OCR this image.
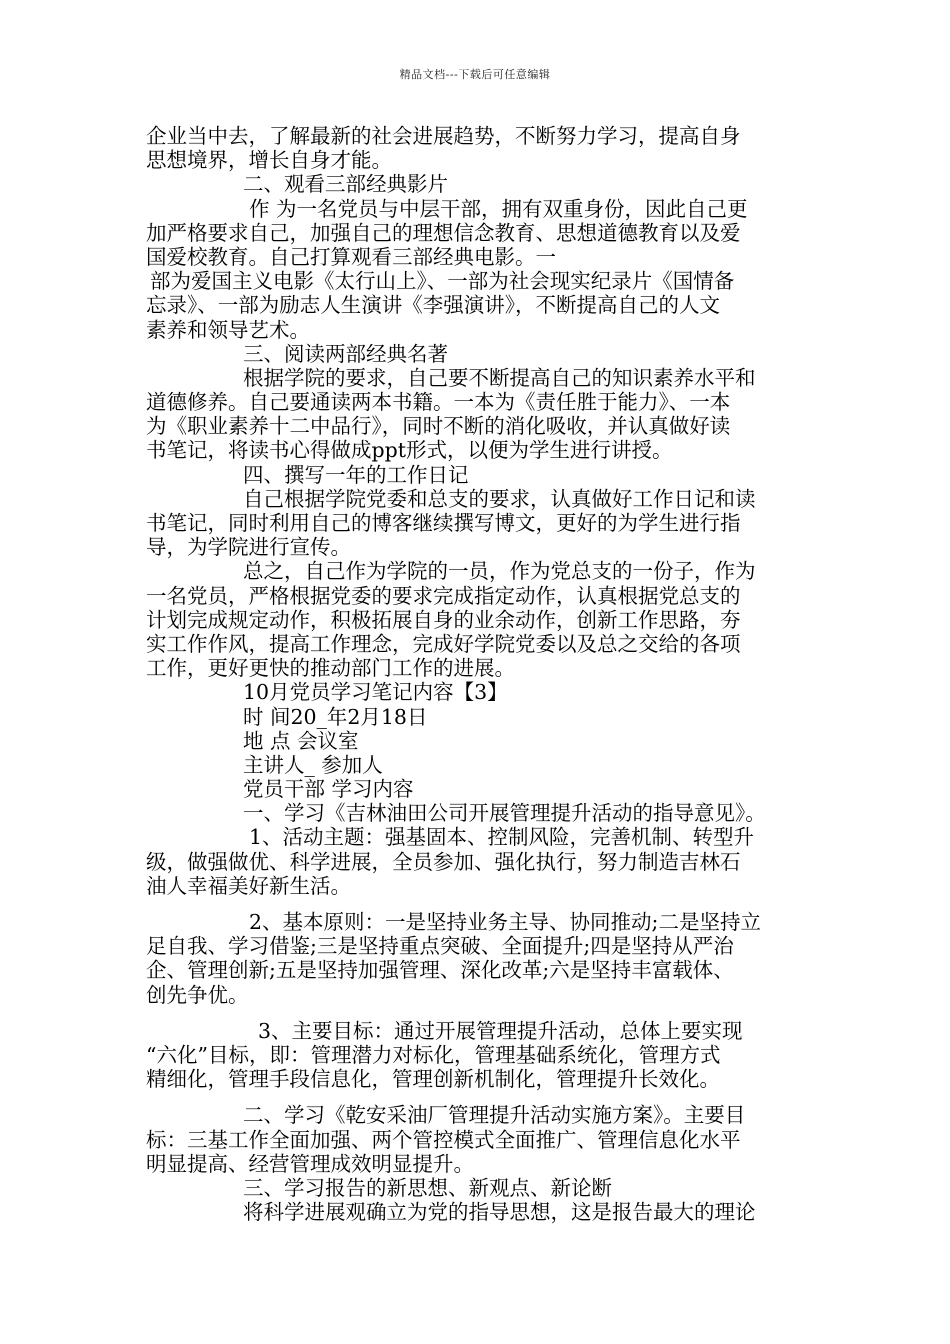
精品文档---下载后可任意编辑
企业当中去，了解最新的社会进展趋势，不断努力学习，提高自身
思想境界，增长自身才能。
二、观看三部经典影片
作 为一名党员与中层干部，拥有双重身份，因此自己更
加严格要求自己，加强自己的理想信念教育、思想道德教育以及爱
国爱校教育。自己打算观看三部经典电影。一
部为爱国主义电影《太行山上》、一部为社会现实纪录片《国情备
忘录》、一部为励志人生演讲《李强演讲》，不断提高自己的人文
素养和领导艺术。
三、阅读两部经典名著
根据学院的要求，自己要不断提高自己的知识素养水平和
道德修养。自己要通读两本书籍。一本为《责任胜于能力》、一本
为《职业素养十二中品行》，同时不断的消化吸收，并认真做好读
书笔记，将读书心得做成ppt形式，以便为学生进行讲授。
四、撰写一年的工作日记
自己根据学院党委和总支的要求，认真做好工作日记和读
书笔记，同时利用自己的博客继续撰写博文，更好的为学生进行指
导，为学院进行宣传。
总之，自己作为学院的一员，作为党总支的一份子，作为
一名党员，严格根据党委的要求完成指定动作，认真根据党总支的
计划完成规定动作，积极拓展自身的业余动作，创新工作思路，夯
实工作作风，提高工作理念，完成好学院党委以及总之交给的各项
工作，更好更快的推动部门工作的进展。
10月党员学习笔记内容【3】
时 间20_年2月18日
地 点 会议室
主讲人_ 参加人
党员干部 学习内容
一、学习《吉林油田公司开展管理提升活动的指导意见》。
1、活动主题：强基固本、控制风险，完善机制、转型升
级，做强做优、科学进展，全员参加、强化执行，努力制造吉林石
油人幸福美好新生活。
2、基本原则：一是坚持业务主导、协同推动;二是坚持立
足自我、学习借鉴;三是坚持重点突破、全面提升;四是坚持从严治
企、管理创新;五是坚持加强管理、深化改革;六是坚持丰富载体、
创先争优。
3、主要目标：通过开展管理提升活动，总体上要实现
“六化”目标，即：管理潜力对标化，管理基础系统化，管理方式
精细化，管理手段信息化，管理创新机制化，管理提升长效化。
二、学习《乾安采油厂管理提升活动实施方案》。主要目
标：三基工作全面加强、两个管控模式全面推广、管理信息化水平
明显提高、经营管理成效明显提升。
三、学习报告的新思想、新观点、新论断
将科学进展观确立为党的指导思想，这是报告最大的理论
